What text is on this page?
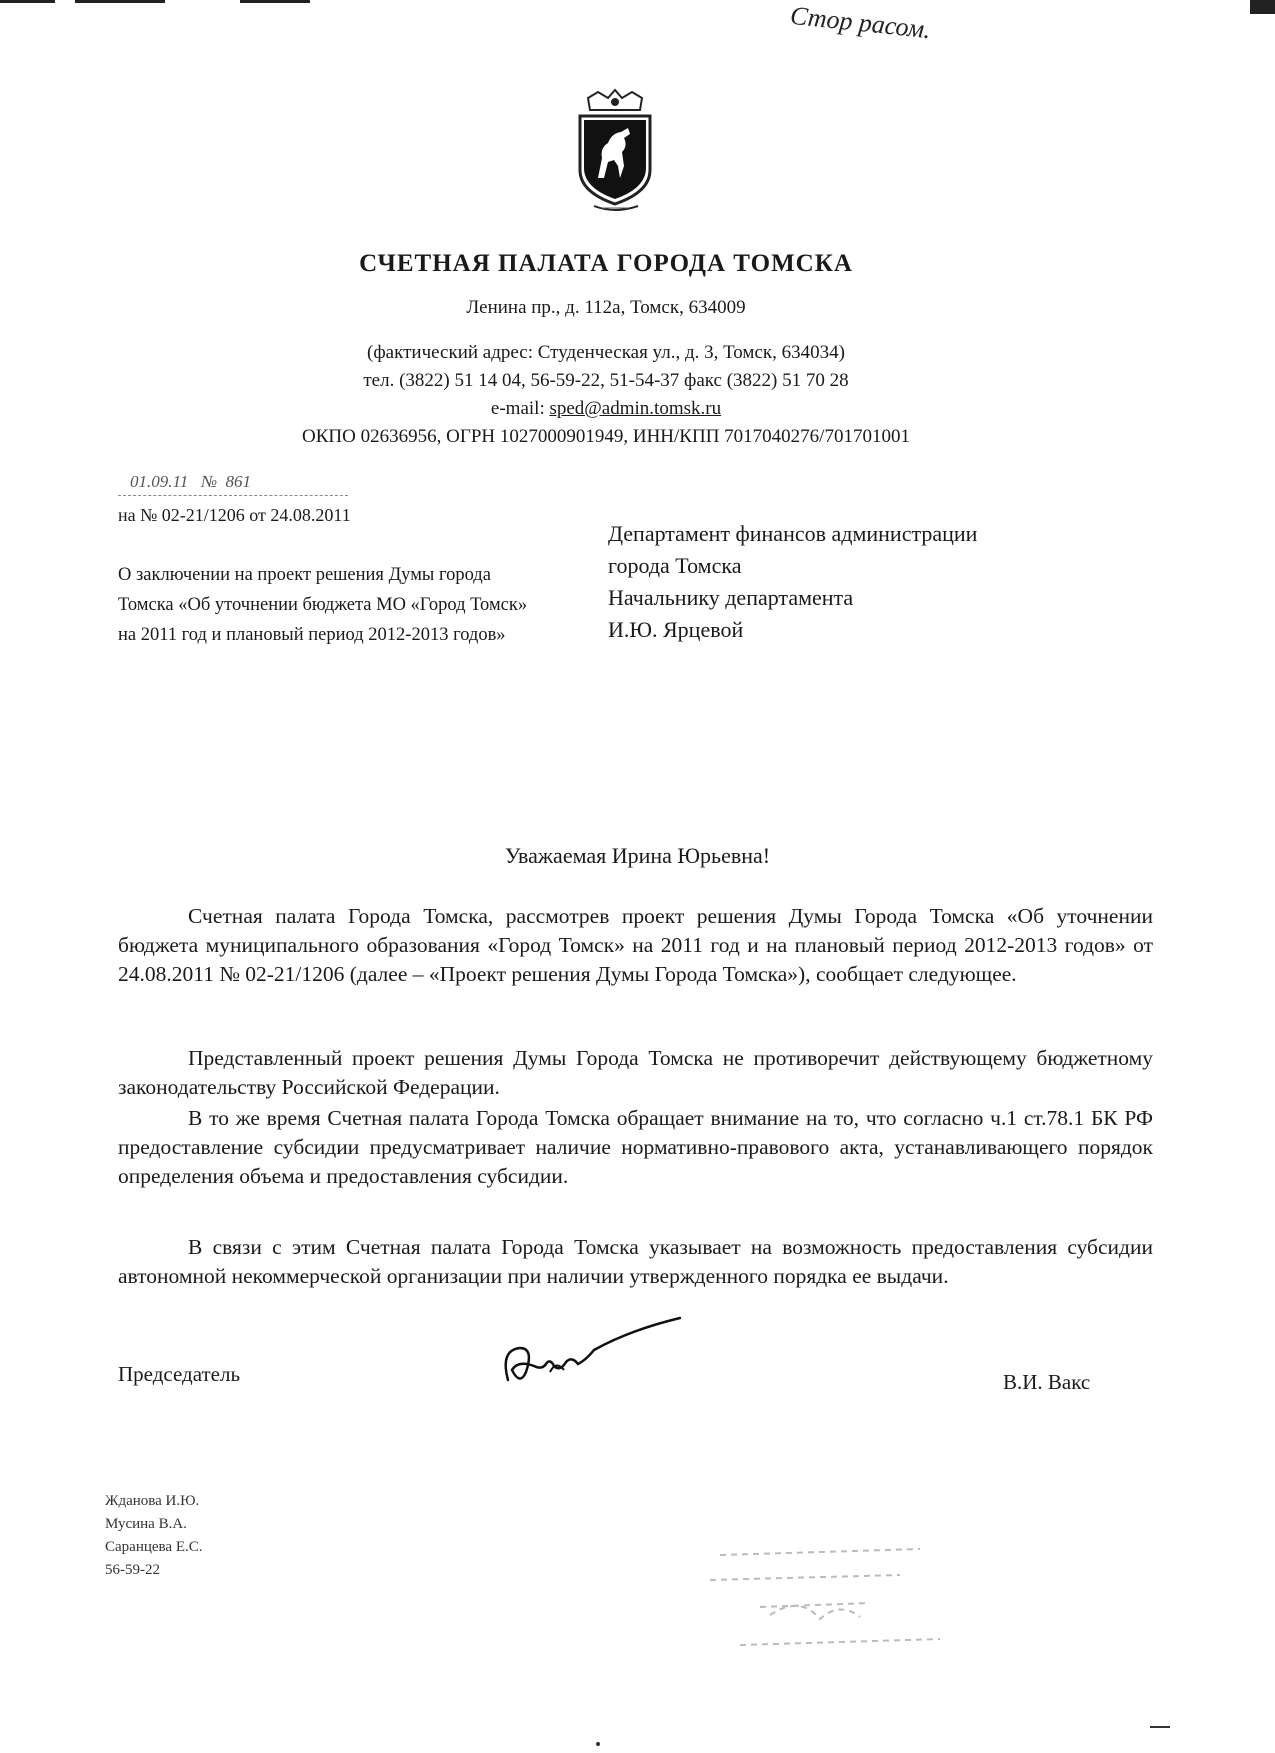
Стор расом.
СЧЕТНАЯ ПАЛАТА ГОРОДА ТОМСКА
Ленина пр., д. 112а, Томск, 634009
(фактический адрес: Студенческая ул., д. 3, Томск, 634034)
тел. (3822) 51 14 04, 56-59-22, 51-54-37 факс (3822) 51 70 28
e-mail: sped@admin.tomsk.ru
ОКПО 02636956, ОГРН 1027000901949, ИНН/КПП 7017040276/701701001
01.09.11 № 861
на № 02-21/1206 от 24.08.2011
О заключении на проект решения Думы города Томска «Об уточнении бюджета МО «Город Томск» на 2011 год и плановый период 2012-2013 годов»
Департамент финансов администрации
города Томска
Начальнику департамента
И.Ю. Ярцевой
Уважаемая Ирина Юрьевна!

Счетная палата Города Томска, рассмотрев проект решения Думы Города Томска «Об уточнении бюджета муниципального образования «Город Томск» на 2011 год и на плановый период 2012-2013 годов» от 24.08.2011 № 02-21/1206 (далее – «Проект решения Думы Города Томска»), сообщает следующее.

Представленный проект решения Думы Города Томска не противоречит действующему бюджетному законодательству Российской Федерации.

В то же время Счетная палата Города Томска обращает внимание на то, что согласно ч.1 ст.78.1 БК РФ предоставление субсидии предусматривает наличие нормативно-правового акта, устанавливающего порядок определения объема и предоставления субсидии.

В связи с этим Счетная палата Города Томска указывает на возможность предоставления субсидии автономной некоммерческой организации при наличии утвержденного порядка ее выдачи.

Председатель	В.И. Вакс
Жданова И.Ю.
Мусина В.А.
Саранцева Е.С.
56-59-22
